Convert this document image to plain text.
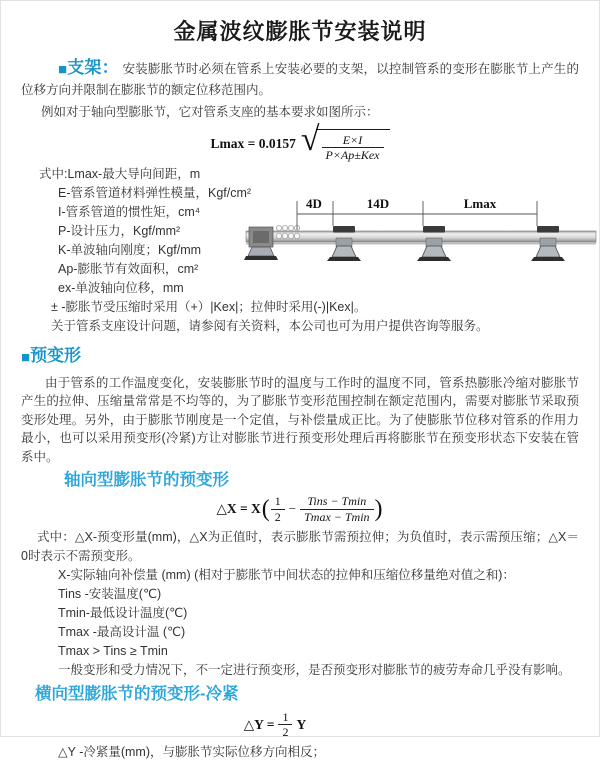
金属波纹膨胀节安装说明

■支架： 安装膨胀节时必须在管系上安装必要的支架，以控制管系的变形在膨胀节上产生的位移方向并限制在膨胀节的额定位移范围内。

例如对于轴向型膨胀节，它对管系支座的基本要求如图所示：

Lmax = 0.0157 √ $\frac{E\times I}{\text{P×Ap±Kex}}$
式中:Lmax-最大导向间距，m
E-管系管道材料弹性模量，Kgf/cm²
I-管系管道的惯性矩，cm⁴
P-设计压力，Kgf/mm²
K-单波轴向刚度；Kgf/mm
Ap-膨胀节有效面积，cm²
ex-单波轴向位移，mm
± -膨胀节受压缩时采用（+）|Kex|；拉伸时采用(-)|Kex|。
关于管系支座设计问题，请参阅有关资料，本公司也可为用户提供咨询等服务。
■预变形

由于管系的工作温度变化，安装膨胀节时的温度与工作时的温度不同，管系热膨胀冷缩对膨胀节产生的拉伸、压缩量常常是不均等的，为了膨胀节变形范围控制在额定范围内，需要对膨胀节采取预变形处理。另外，由于膨胀节刚度是一个定值，与补偿量成正比。为了使膨胀节位移对管系的作用力最小，也可以采用预变形(冷紧)方让对膨胀节进行预变形处理后再将膨胀节在预变形状态下安装在管系中。

轴向型膨胀节的预变形
△X = X ( $\frac{1}{2} - \frac{\text{Tins − Tmin}}{Tmax - Tmin}$ )

式中：△X-预变形量(mm)，△X为正值时，表示膨胀节需预拉伸；为负值时，表示需预压缩；△X＝0时表示不需预变形。

X-实际轴向补偿量 (mm) (相对于膨胀节中间状态的拉伸和压缩位移量绝对值之和)：
Tins -安装温度(℃)
Tmin-最低设计温度(℃)
Tmax -最高设计温 (℃)
Tmax > Tins ≥ Tmin
一般变形和受力情况下，不一定进行预变形，是否预变形对膨胀节的疲劳寿命几乎没有影响。
横向型膨胀节的预变形-冷紧
△Y =
$\frac{1}{2}$
Y
△Y -冷紧量(mm)，与膨胀节实际位移方向相反；
4D	14D	Lmax
